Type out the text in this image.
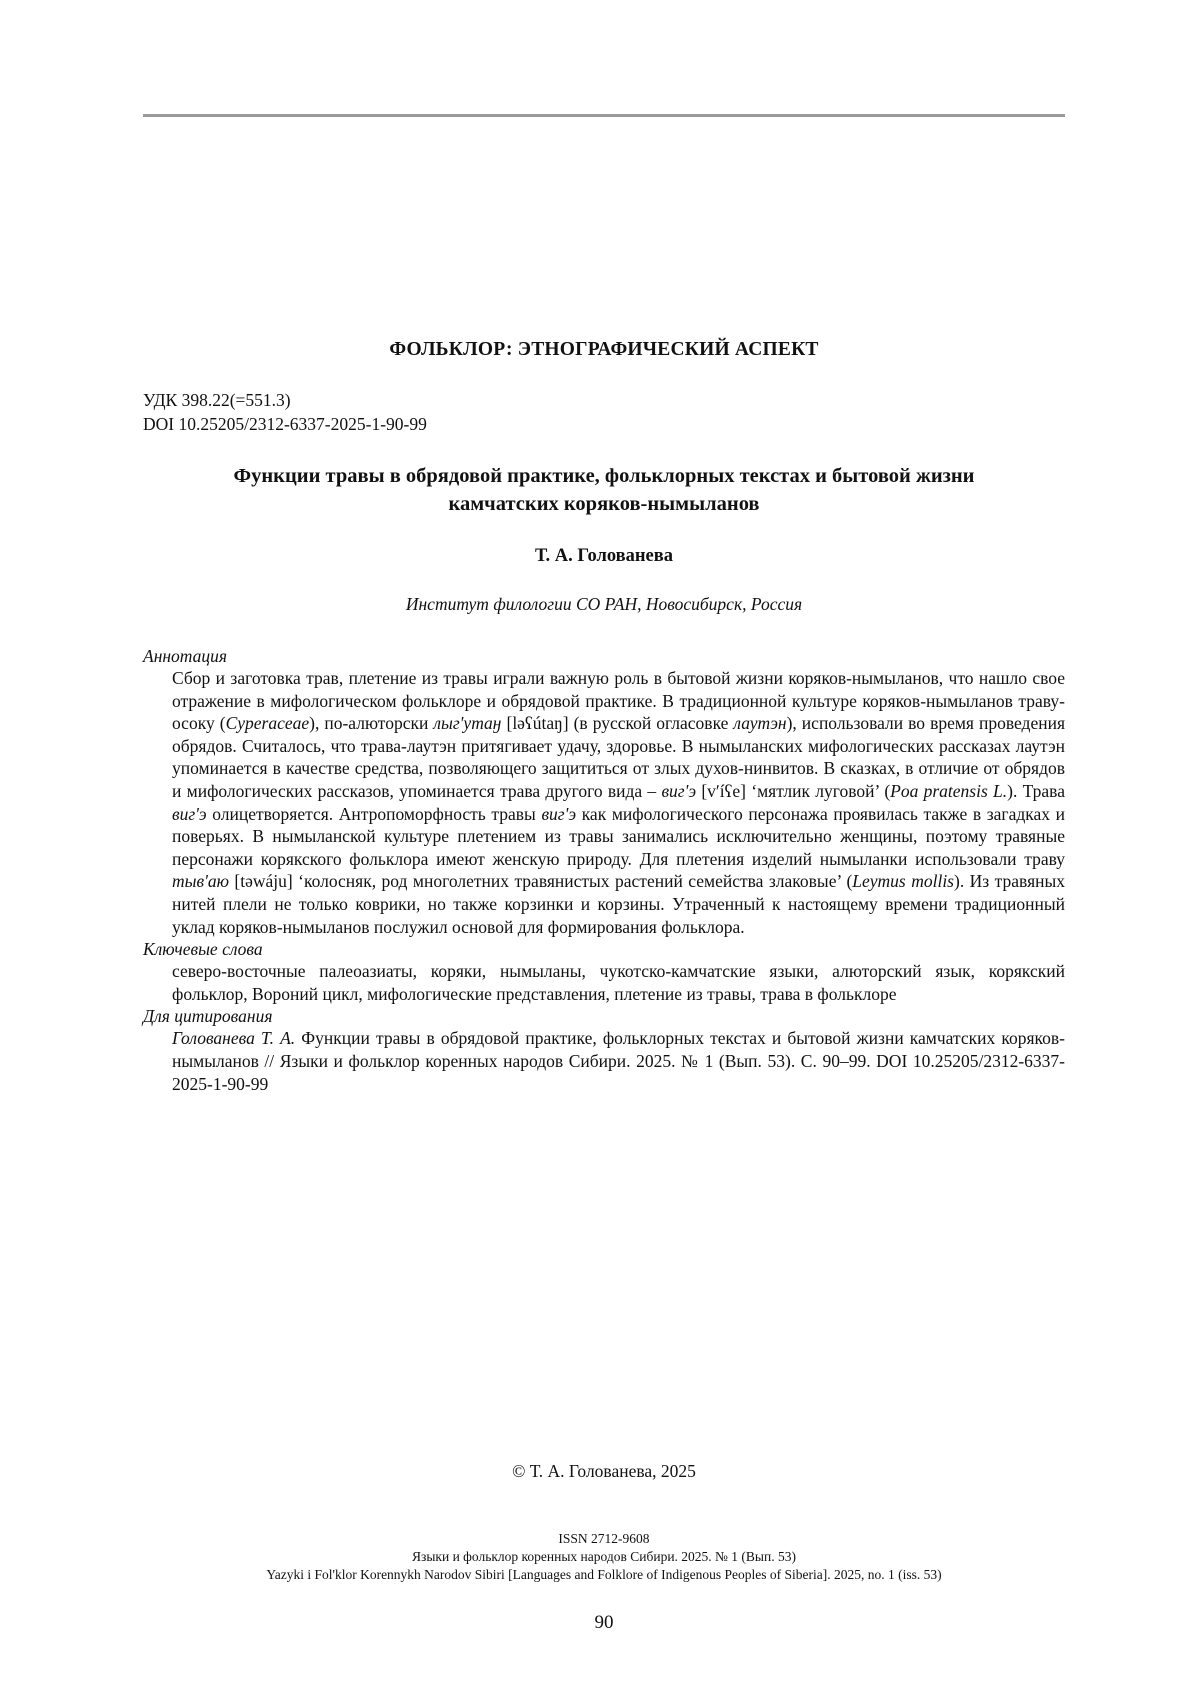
ФОЛЬКЛОР: ЭТНОГРАФИЧЕСКИЙ АСПЕКТ
УДК 398.22(=551.3)
DOI 10.25205/2312-6337-2025-1-90-99
Функции травы в обрядовой практике, фольклорных текстах и бытовой жизни
камчатских коряков-нымыланов
Т. А. Голованева
Институт филологии СО РАН, Новосибирск, Россия
Аннотация
Сбор и заготовка трав, плетение из травы играли важную роль в бытовой жизни коряков-нымыланов, что нашло свое отражение в мифологическом фольклоре и обрядовой практике. В традиционной культуре коряков-нымыланов траву-осоку (Cyperaceae), по-алюторски лыг'утаӈ [ləʕútaŋ] (в русской огласовке лаутэн), использовали во время проведения обрядов. Считалось, что трава-лаутэн притягивает удачу, здоровье. В нымыланских мифологических рассказах лаутэн упоминается в качестве средства, позволяющего защититься от злых духов-нинвитов. В сказках, в отличие от обрядов и мифологических рассказов, упоминается трава другого вида – виг'э [vʹíʕe] ‘мятлик луговой’ (Poa pratensis L.). Трава виг'э олицетворяется. Антропоморфность травы виг'э как мифологического персонажа проявилась также в загадках и поверьях. В нымыланской культуре плетением из травы занимались исключительно женщины, поэтому травяные персонажи корякского фольклора имеют женскую природу. Для плетения изделий нымыланки использовали траву тыв'аю [təwáju] ‘колосняк, род многолетних травянистых растений семейства злаковые’ (Leymus mollis). Из травяных нитей плели не только коврики, но также корзинки и корзины. Утраченный к настоящему времени традиционный уклад коряков-нымыланов послужил основой для формирования фольклора.
Ключевые слова
северо-восточные палеоазиаты, коряки, нымыланы, чукотско-камчатские языки, алюторский язык, корякский фольклор, Вороний цикл, мифологические представления, плетение из травы, трава в фольклоре
Для цитирования
Голованева Т. А. Функции травы в обрядовой практике, фольклорных текстах и бытовой жизни камчатских коряков-нымыланов // Языки и фольклор коренных народов Сибири. 2025. № 1 (Вып. 53). С. 90–99. DOI 10.25205/2312-6337-2025-1-90-99
© Т. А. Голованева, 2025
ISSN 2712-9608
Языки и фольклор коренных народов Сибири. 2025. № 1 (Вып. 53)
Yazyki i Fol'klor Korennykh Narodov Sibiri [Languages and Folklore of Indigenous Peoples of Siberia]. 2025, no. 1 (iss. 53)
90
